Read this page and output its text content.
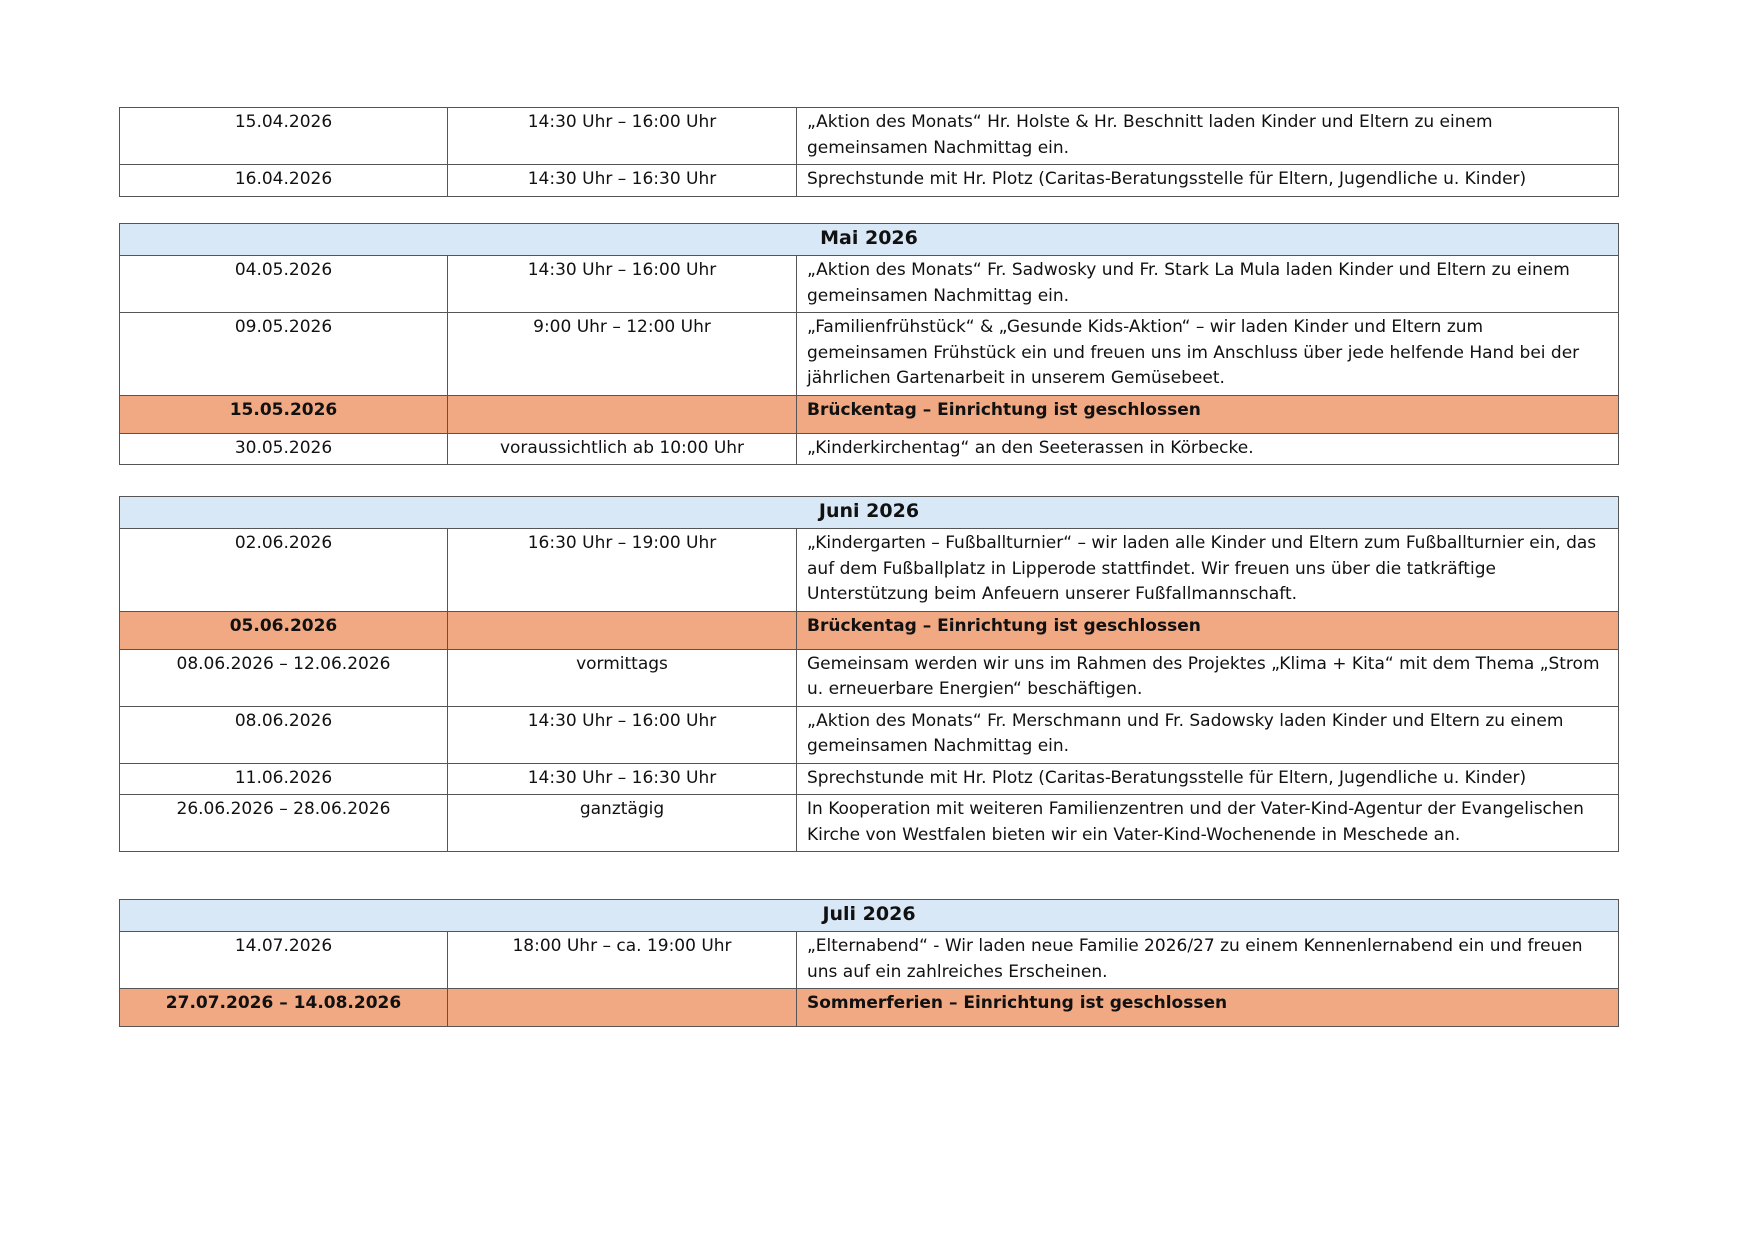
15.04.2026	14:30 Uhr – 16:00 Uhr	„Aktion des Monats“ Hr. Holste & Hr. Beschnitt laden Kinder und Eltern zu einem gemeinsamen Nachmittag ein.
16.04.2026	14:30 Uhr – 16:30 Uhr	Sprechstunde mit Hr. Plotz (Caritas-Beratungsstelle für Eltern, Jugendliche u. Kinder)
Mai 2026		
04.05.2026	14:30 Uhr – 16:00 Uhr	„Aktion des Monats“ Fr. Sadwosky und Fr. Stark La Mula laden Kinder und Eltern zu einem gemeinsamen Nachmittag ein.
09.05.2026	9:00 Uhr – 12:00 Uhr	„Familienfrühstück“ & „Gesunde Kids-Aktion“ – wir laden Kinder und Eltern zum gemeinsamen Frühstück ein und freuen uns im Anschluss über jede helfende Hand bei der jährlichen Gartenarbeit in unserem Gemüsebeet.
15.05.2026		Brückentag – Einrichtung ist geschlossen
30.05.2026	voraussichtlich ab 10:00 Uhr	„Kinderkirchentag“ an den Seeterassen in Körbecke.
Juni 2026		
02.06.2026	16:30 Uhr – 19:00 Uhr	„Kindergarten – Fußballturnier“ – wir laden alle Kinder und Eltern zum Fußballturnier ein, das auf dem Fußballplatz in Lipperode stattfindet. Wir freuen uns über die tatkräftige Unterstützung beim Anfeuern unserer Fußfallmannschaft.
05.06.2026		Brückentag – Einrichtung ist geschlossen
08.06.2026 – 12.06.2026	vormittags	Gemeinsam werden wir uns im Rahmen des Projektes „Klima + Kita“ mit dem Thema „Strom u. erneuerbare Energien“ beschäftigen.
08.06.2026	14:30 Uhr – 16:00 Uhr	„Aktion des Monats“ Fr. Merschmann und Fr. Sadowsky laden Kinder und Eltern zu einem gemeinsamen Nachmittag ein.
11.06.2026	14:30 Uhr – 16:30 Uhr	Sprechstunde mit Hr. Plotz (Caritas-Beratungsstelle für Eltern, Jugendliche u. Kinder)
26.06.2026 – 28.06.2026	ganztägig	In Kooperation mit weiteren Familienzentren und der Vater-Kind-Agentur der Evangelischen Kirche von Westfalen bieten wir ein Vater-Kind-Wochenende in Meschede an.
Juli 2026		
14.07.2026	18:00 Uhr – ca. 19:00 Uhr	„Elternabend“ - Wir laden neue Familie 2026/27 zu einem Kennenlernabend ein und freuen uns auf ein zahlreiches Erscheinen.
27.07.2026 – 14.08.2026		Sommerferien – Einrichtung ist geschlossen
